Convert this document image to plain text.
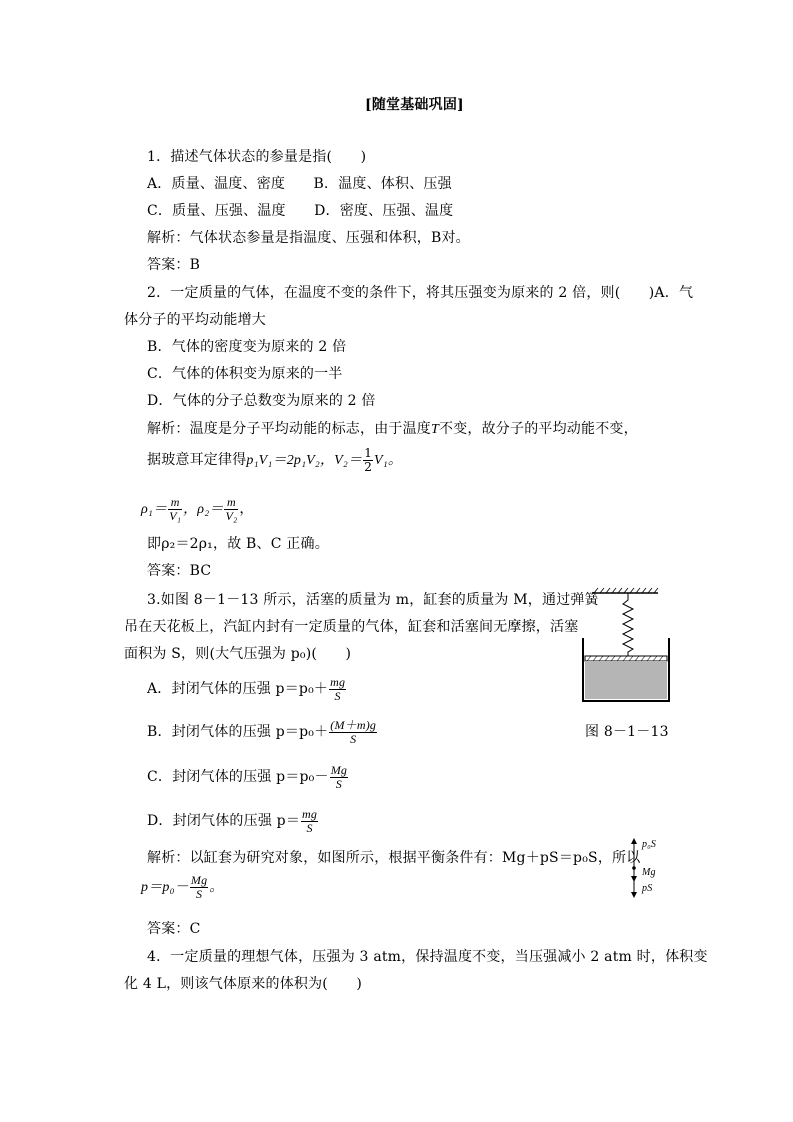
[随堂基础巩固]
1．描述气体状态的参量是指(　　)
A．质量、温度、密度　　B．温度、体积、压强
C．质量、压强、温度　　D．密度、压强、温度
解析：气体状态参量是指温度、压强和体积，B对。
答案：B
2．一定质量的气体，在温度不变的条件下，将其压强变为原来的 2 倍，则(　　)A．气
体分子的平均动能增大
B．气体的密度变为原来的 2 倍
C．气体的体积变为原来的一半
D．气体的分子总数变为原来的 2 倍
解析：温度是分子平均动能的标志，由于温度T不变，故分子的平均动能不变，
据玻意耳定律得p₁V₁＝2p₁V₂，$V_2= \frac{1}{2} V_1$。
$\rho_1= \frac{m}{\text{V₁}}$ ，$\rho_2= \frac{m}{\text{V₂}}$ ，
即ρ₂＝2ρ₁，故 B、C 正确。
答案：BC
3.如图 8－1－13 所示，活塞的质量为 m，缸套的质量为 M，通过弹簧
吊在天花板上，汽缸内封有一定质量的气体，缸套和活塞间无摩擦，活塞
面积为 S，则(大气压强为 p₀)(　　)
A．封闭气体的压强 $p=p_0+ \frac{mg}{S}$
B．封闭气体的压强 $p=p_0+ \frac{(M+m)g}{S}$
C．封闭气体的压强 $p=p_0- \frac{Mg}{S}$
D．封闭气体的压强 $p= \frac{mg}{S}$
解析：以缸套为研究对象，如图所示，根据平衡条件有：Mg＋pS＝p₀S，所以
$p=p_0- \frac{Mg}{S}$ 。
答案：C
4．一定质量的理想气体，压强为 3 atm，保持温度不变，当压强减小 2 atm 时，体积变
化 4 L，则该气体原来的体积为(　　)
图 8－1－13
p₀S
Mg
pS
